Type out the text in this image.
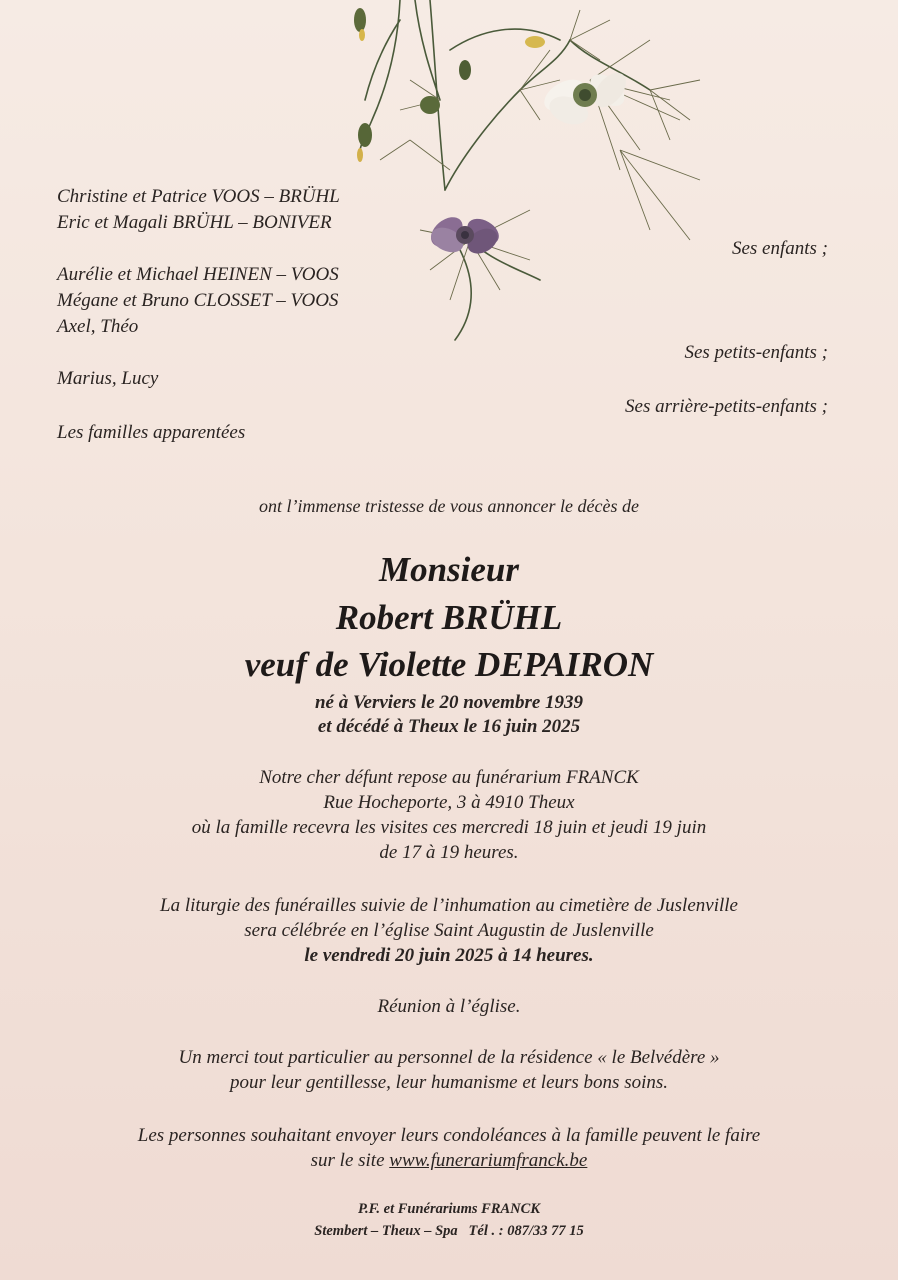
Christine et Patrice VOOS – BRÜHL
Eric et Magali BRÜHL – BONIVER
Aurélie et Michael HEINEN – VOOS
Mégane et Bruno CLOSSET – VOOS
Axel, Théo
Marius, Lucy
Les familles apparentées
Ses enfants ;
Ses petits-enfants ;
Ses arrière-petits-enfants ;
ont l’immense tristesse de vous annoncer le décès de
Monsieur
Robert BRÜHL
veuf de Violette DEPAIRON
né à Verviers le 20 novembre 1939
et décédé à Theux le 16 juin 2025
Notre cher défunt repose au funérarium FRANCK
Rue Hocheporte, 3 à 4910 Theux
où la famille recevra les visites ces mercredi 18 juin et jeudi 19 juin
de 17 à 19 heures.
La liturgie des funérailles suivie de l’inhumation au cimetière de Juslenville
sera célébrée en l’église Saint Augustin de Juslenville
le vendredi 20 juin 2025 à 14 heures.
Réunion à l’église.
Un merci tout particulier au personnel de la résidence « le Belvédère »
pour leur gentillesse, leur humanisme et leurs bons soins.
Les personnes souhaitant envoyer leurs condoléances à la famille peuvent le faire
sur le site www.funerariumfranck.be
P.F. et Funérariums FRANCK
Stembert – Theux – Spa   Tél . : 087/33 77 15
